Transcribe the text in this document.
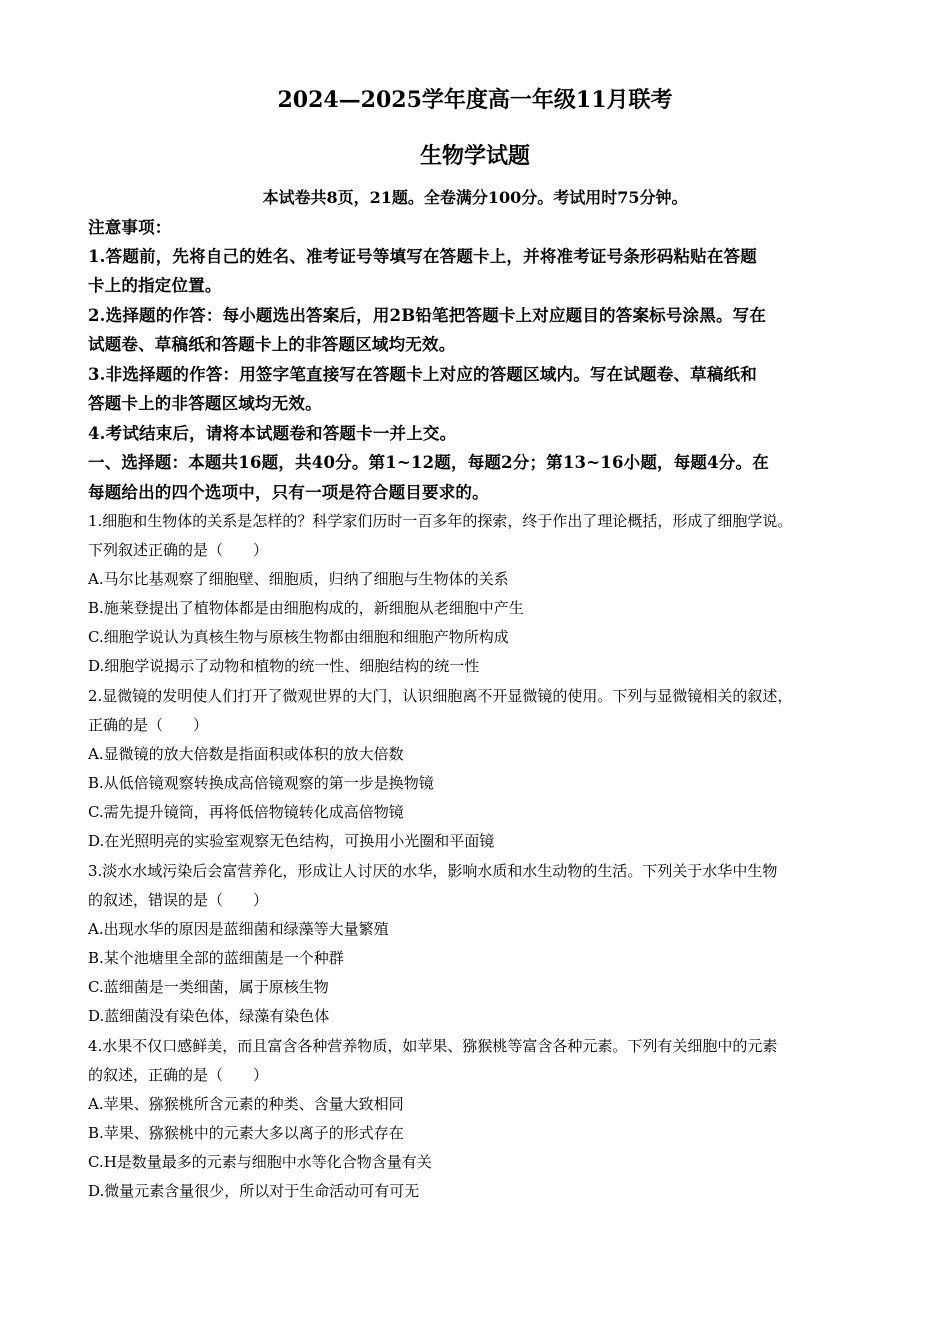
2024—2025学年度高一年级11月联考
生物学试题
本试卷共8页，21题。全卷满分100分。考试用时75分钟。
注意事项：
1.答题前，先将自己的姓名、准考证号等填写在答题卡上，并将准考证号条形码粘贴在答题
卡上的指定位置。
2.选择题的作答：每小题选出答案后，用2B铅笔把答题卡上对应题目的答案标号涂黑。写在
试题卷、草稿纸和答题卡上的非答题区域均无效。
3.非选择题的作答：用签字笔直接写在答题卡上对应的答题区域内。写在试题卷、草稿纸和
答题卡上的非答题区域均无效。
4.考试结束后，请将本试题卷和答题卡一并上交。
一、选择题：本题共16题，共40分。第1~12题，每题2分；第13~16小题，每题4分。在
每题给出的四个选项中，只有一项是符合题目要求的。
1.细胞和生物体的关系是怎样的？科学家们历时一百多年的探索，终于作出了理论概括，形成了细胞学说。
下列叙述正确的是（　　）
A.马尔比基观察了细胞壁、细胞质，归纳了细胞与生物体的关系
B.施莱登提出了植物体都是由细胞构成的，新细胞从老细胞中产生
C.细胞学说认为真核生物与原核生物都由细胞和细胞产物所构成
D.细胞学说揭示了动物和植物的统一性、细胞结构的统一性
2.显微镜的发明使人们打开了微观世界的大门，认识细胞离不开显微镜的使用。下列与显微镜相关的叙述，
正确的是（　　）
A.显微镜的放大倍数是指面积或体积的放大倍数
B.从低倍镜观察转换成高倍镜观察的第一步是换物镜
C.需先提升镜筒，再将低倍物镜转化成高倍物镜
D.在光照明亮的实验室观察无色结构，可换用小光圈和平面镜
3.淡水水域污染后会富营养化，形成让人讨厌的水华，影响水质和水生动物的生活。下列关于水华中生物
的叙述，错误的是（　　）
A.出现水华的原因是蓝细菌和绿藻等大量繁殖
B.某个池塘里全部的蓝细菌是一个种群
C.蓝细菌是一类细菌，属于原核生物
D.蓝细菌没有染色体，绿藻有染色体
4.水果不仅口感鲜美，而且富含各种营养物质，如苹果、猕猴桃等富含各种元素。下列有关细胞中的元素
的叙述，正确的是（　　）
A.苹果、猕猴桃所含元素的种类、含量大致相同
B.苹果、猕猴桃中的元素大多以离子的形式存在
C.H是数量最多的元素与细胞中水等化合物含量有关
D.微量元素含量很少，所以对于生命活动可有可无
